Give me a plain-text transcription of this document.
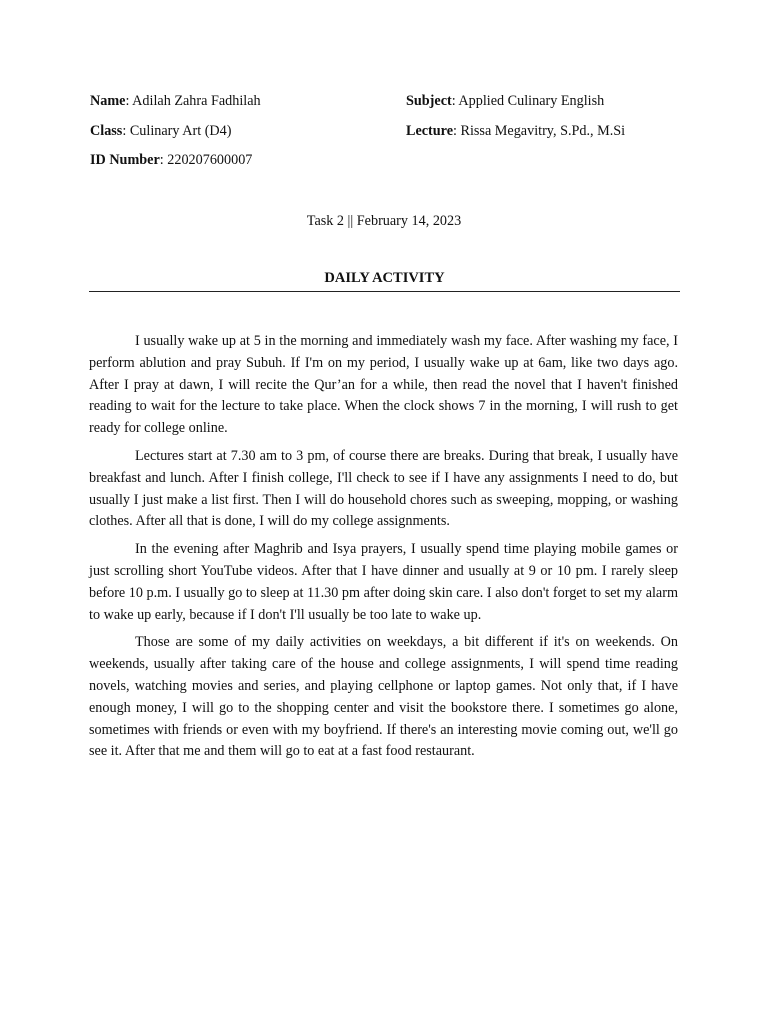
Name: Adilah Zahra Fadhilah
Class: Culinary Art (D4)
ID Number: 220207600007
Subject: Applied Culinary English
Lecture: Rissa Megavitry, S.Pd., M.Si
Task 2 || February 14, 2023
DAILY ACTIVITY

I usually wake up at 5 in the morning and immediately wash my face. After washing my face, I perform ablution and pray Subuh. If I'm on my period, I usually wake up at 6am, like two days ago. After I pray at dawn, I will recite the Qur’an for a while, then read the novel that I haven't finished reading to wait for the lecture to take place. When the clock shows 7 in the morning, I will rush to get ready for college online.

Lectures start at 7.30 am to 3 pm, of course there are breaks. During that break, I usually have breakfast and lunch. After I finish college, I'll check to see if I have any assignments I need to do, but usually I just make a list first. Then I will do household chores such as sweeping, mopping, or washing clothes. After all that is done, I will do my college assignments.

In the evening after Maghrib and Isya prayers, I usually spend time playing mobile games or just scrolling short YouTube videos. After that I have dinner and usually at 9 or 10 pm. I rarely sleep before 10 p.m. I usually go to sleep at 11.30 pm after doing skin care. I also don't forget to set my alarm to wake up early, because if I don't I'll usually be too late to wake up.

Those are some of my daily activities on weekdays, a bit different if it's on weekends. On weekends, usually after taking care of the house and college assignments, I will spend time reading novels, watching movies and series, and playing cellphone or laptop games. Not only that, if I have enough money, I will go to the shopping center and visit the bookstore there. I sometimes go alone, sometimes with friends or even with my boyfriend. If there's an interesting movie coming out, we'll go see it. After that me and them will go to eat at a fast food restaurant.
